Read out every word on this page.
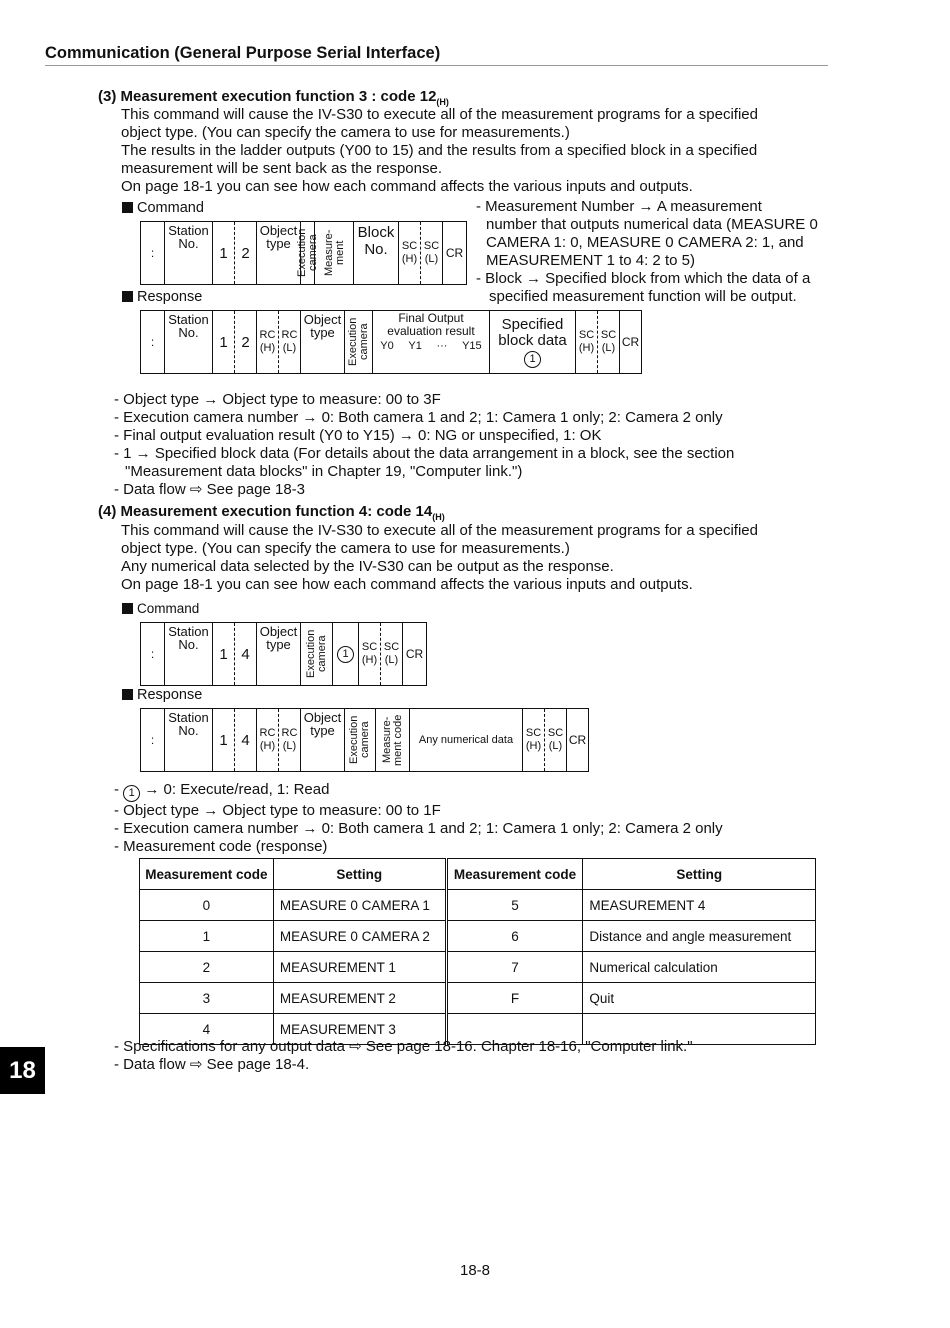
Communication (General Purpose Serial Interface)
(3) Measurement execution function 3 : code $12_{(H)}$
This command will cause the IV-S30 to execute all of the measurement programs for a specified
object type. (You can specify the camera to use for measurements.)
The results in the ladder outputs (Y00 to 15) and the results from a specified block in a specified
measurement will be sent back as the response.
On page 18-1 you can see how each command affects the various inputs and outputs.
Command	- Measurement Number → A measurement
number that outputs numerical data (MEASURE 0
CAMERA 1: 0, MEASURE 0 CAMERA 2: 1, and
MEASUREMENT 1 to 4: 2 to 5)
- Block → Specified block from which the data of a
specified measurement function will be output.
:
Station No.
1 2
Object type Execution camera Measure-ment
Block No.	SC (H)
SC (L) CR
Response
:
Station No.
1 2 RC (H)
RC (L)
Object type	Execution camera
Final Output evaluation result
Y0 Y1 ··· Y15
Specified block data
1
SC (H)
SC (L) CR
- Object type → Object type to measure: 00 to 3F
- Execution camera number → 0: Both camera 1 and 2; 1: Camera 1 only; 2: Camera 2 only
- Final output evaluation result (Y0 to Y15) → 0: NG or unspecified, 1: OK
- 1 → Specified block data (For details about the data arrangement in a block, see the section
"Measurement data blocks" in Chapter 19, "Computer link.")
- Data flow ⇨ See page 18-3
(4) Measurement execution function 4: code $14_{(H)}$
This command will cause the IV-S30 to execute all of the measurement programs for a specified
object type. (You can specify the camera to use for measurements.)
Any numerical data selected by the IV-S30 can be output as the response.
On page 18-1 you can see how each command affects the various inputs and outputs.
Command
:
Station No.
1 4
Object type	Execution camera	1
SC (H)
SC (L) CR
Response
:
Station No.
1 4 RC (H)
RC (L)
Object type	Execution camera Measure-ment code	Any numerical data
SC (H)
SC (L) CR
- 1 → 0: Execute/read, 1: Read
- Object type → Object type to measure: 00 to 1F
- Execution camera number → 0: Both camera 1 and 2; 1: Camera 1 only; 2: Camera 2 only
- Measurement code (response)
Measurement code	Setting	Measurement code	Setting
0	MEASURE 0 CAMERA 1	5	MEASUREMENT 4
1	MEASURE 0 CAMERA 2	6	Distance and angle measurement
2	MEASUREMENT 1	7	Numerical calculation
3	MEASUREMENT 2	F	Quit
4	MEASUREMENT 3		
- Specifications for any output data ⇨ See page 18-16. Chapter 18-16, "Computer link."
- Data flow ⇨ See page 18-4.
18
18-8
